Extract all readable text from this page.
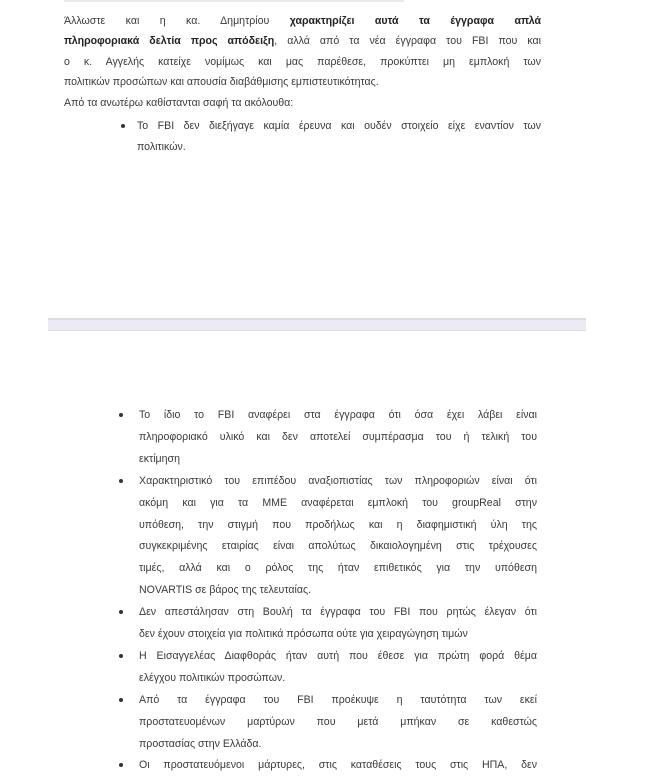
Άλλωστε και η κα. Δημητρίου χαρακτηρίζει αυτά τα έγγραφα απλά
πληροφοριακά δελτία προς απόδειξη, αλλά από τα νέα έγγραφα του FBI που και
ο κ. Αγγελής κατείχε νομίμως και μας παρέθεσε, προκύπτει μη εμπλοκή των
πολιτικών προσώπων και απουσία διαβάθμισης εμπιστευτικότητας.
Από τα ανωτέρω καθίστανται σαφή τα ακόλουθα:
Το FBI δεν διεξήγαγε καμία έρευνα και ουδέν στοιχείο είχε εναντίον των
πολιτικών.
Το ίδιο το FBI αναφέρει στα έγγραφα ότι όσα έχει λάβει είναι
πληροφοριακό υλικό και δεν αποτελεί συμπέρασμα του ή τελική του
εκτίμηση
Χαρακτηριστικό του επιπέδου αναξιοπιστίας των πληροφοριών είναι ότι
ακόμη και για τα ΜΜΕ αναφέρεται εμπλοκή του groupReal στην
υπόθεση, την στιγμή που προδήλως και η διαφημιστική ύλη της
συγκεκριμένης εταιρίας είναι απολύτως δικαιολογημένη στις τρέχουσες
τιμές, αλλά και ο ρόλος της ήταν επιθετικός για την υπόθεση
NOVARTIS σε βάρος της τελευταίας.
Δεν απεστάλησαν στη Βουλή τα έγγραφα του FBI που ρητώς έλεγαν ότι
δεν έχουν στοιχεία για πολιτικά πρόσωπα ούτε για χειραγώγηση τιμών
Η Εισαγγελέας Διαφθοράς ήταν αυτή που έθεσε για πρώτη φορά θέμα
ελέγχου πολιτικών προσώπων.
Από τα έγγραφα του FBI προέκυψε η ταυτότητα των εκεί
προστατευομένων μαρτύρων που μετά μπήκαν σε καθεστώς
προστασίας στην Ελλάδα.
Οι προστατευόμενοι μάρτυρες, στις καταθέσεις τους στις ΗΠΑ, δεν
